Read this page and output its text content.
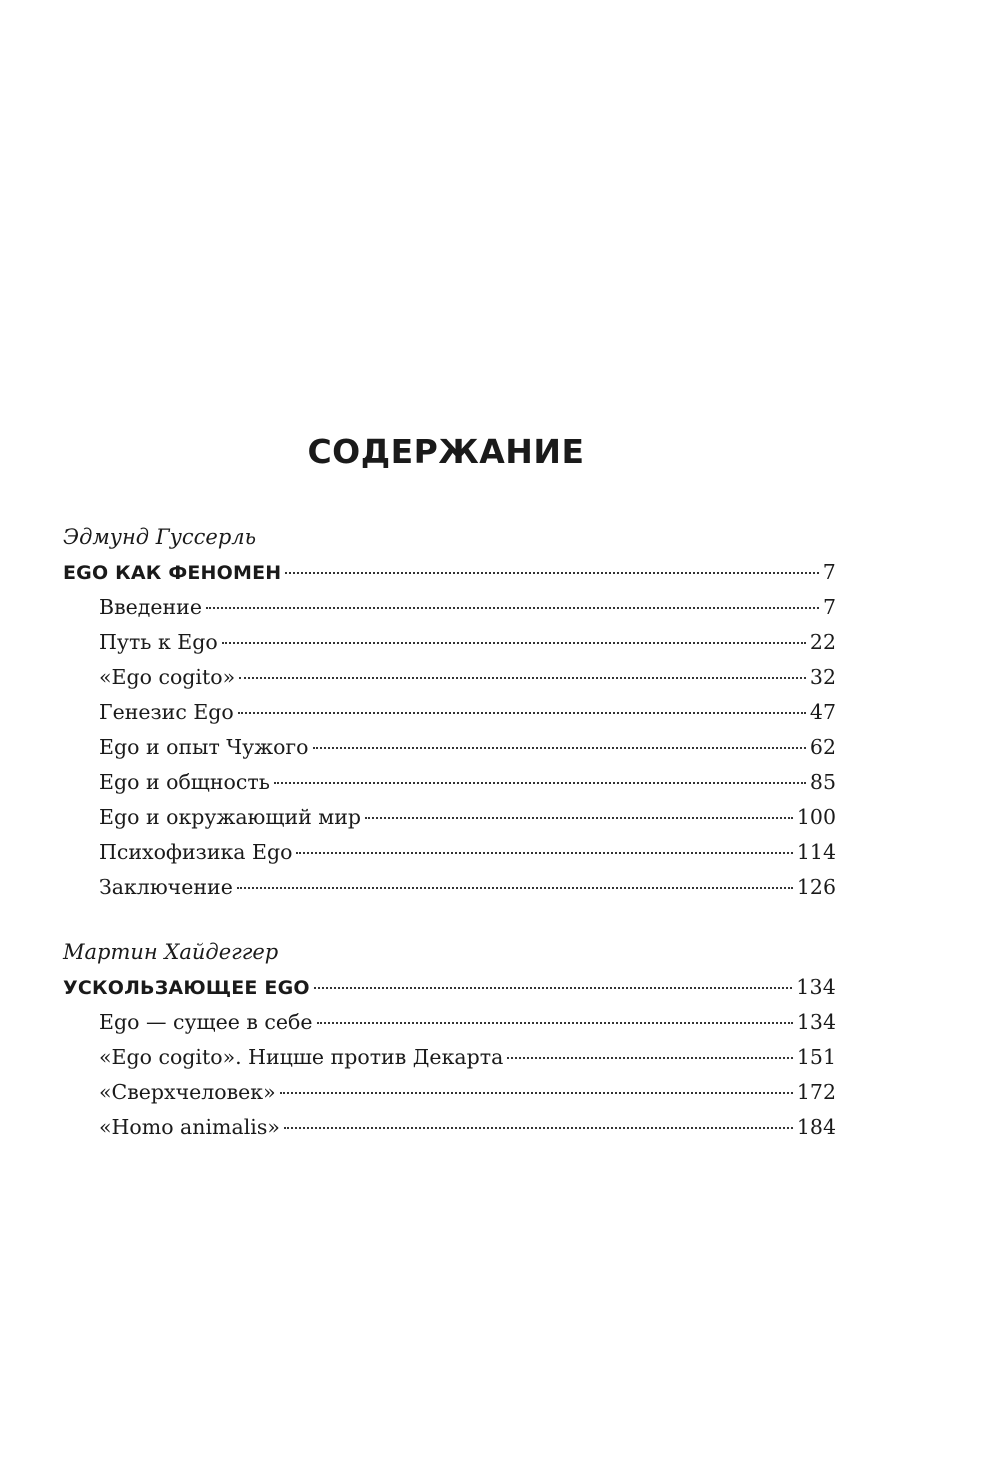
СОДЕРЖАНИЕ
Эдмунд Гуссерль
EGO КАК ФЕНОМЕН	7
Введение	7
Путь к Ego	22
«Ego cogito»	32
Генезис Ego	47
Ego и опыт Чужого	62
Ego и общность	85
Ego и окружающий мир	100
Психофизика Ego	114
Заключение	126
Мартин Хайдеггер
УСКОЛЬЗАЮЩЕЕ EGO	134
Ego — сущее в себе	134
«Ego cogito». Ницше против Декарта	151
«Сверхчеловек»	172
«Homo animalis»	184
